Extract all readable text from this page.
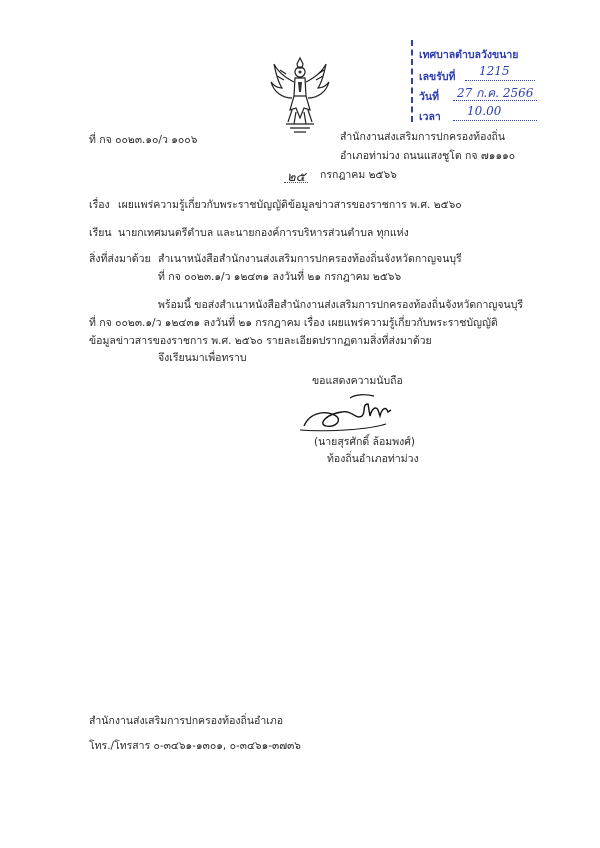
เทศบาลตำบลวังขนาย
เลขรับที่ 1215
วันที่ 27 ก.ค. 2566
เวลา 10.00
ที่ กจ ๐๐๒๓.๑๐/ว ๑๐๐๖	สำนักงานส่งเสริมการปกครองท้องถิ่น
อำเภอท่าม่วง ถนนแสงชูโต กจ ๗๑๑๑๐
๒๕ กรกฎาคม ๒๕๖๖
เรื่อง เผยแพร่ความรู้เกี่ยวกับพระราชบัญญัติข้อมูลข่าวสารของราชการ พ.ศ. ๒๕๖๐
เรียน นายกเทศมนตรีตำบล และนายกองค์การบริหารส่วนตำบล ทุกแห่ง
สิ่งที่ส่งมาด้วย สำเนาหนังสือสำนักงานส่งเสริมการปกครองท้องถิ่นจังหวัดกาญจนบุรี
ที่ กจ ๐๐๒๓.๑/ว ๑๒๔๓๑ ลงวันที่ ๒๑ กรกฎาคม ๒๕๖๖
พร้อมนี้ ขอส่งสำเนาหนังสือสำนักงานส่งเสริมการปกครองท้องถิ่นจังหวัดกาญจนบุรี
ที่ กจ ๐๐๒๓.๑/ว ๑๒๔๓๑ ลงวันที่ ๒๑ กรกฎาคม เรื่อง เผยแพร่ความรู้เกี่ยวกับพระราชบัญญัติ
ข้อมูลข่าวสารของราชการ พ.ศ. ๒๕๖๐ รายละเอียดปรากฏตามสิ่งที่ส่งมาด้วย
จึงเรียนมาเพื่อทราบ
ขอแสดงความนับถือ
(นายสุรศักดิ์ ล้อมพงศ์)
ท้องถิ่นอำเภอท่าม่วง
สำนักงานส่งเสริมการปกครองท้องถิ่นอำเภอ
โทร./โทรสาร ๐-๓๔๖๑-๑๓๐๑, ๐-๓๔๖๑-๓๗๓๖
